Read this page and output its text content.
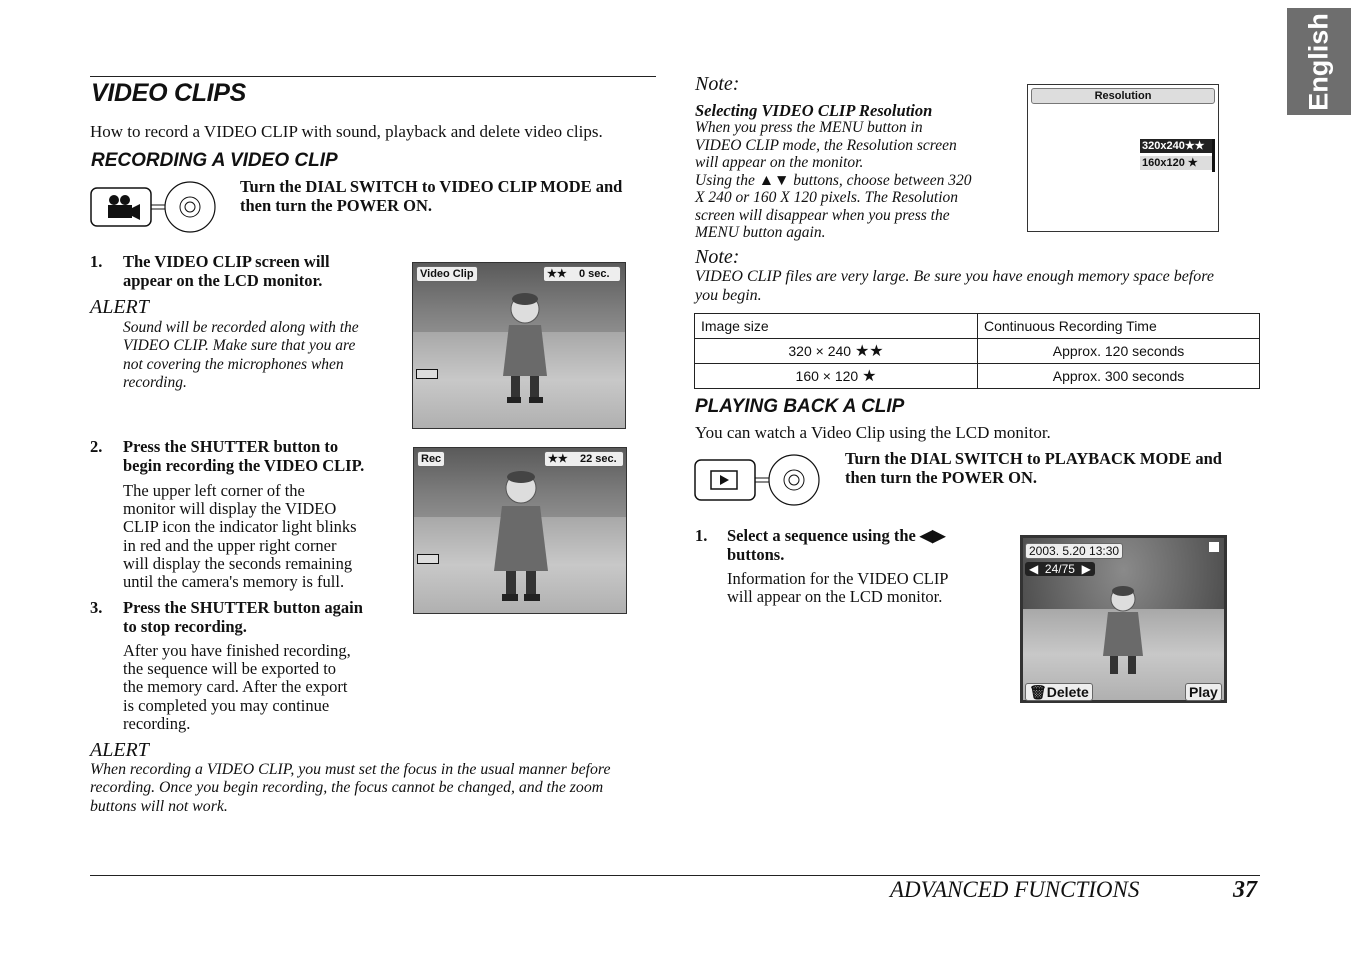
English
VIDEO CLIPS
How to record a VIDEO CLIP with sound, playback and delete video clips.
RECORDING A VIDEO CLIP
Turn the DIAL SWITCH to VIDEO CLIP MODE and
then turn the POWER ON.
1. The VIDEO CLIP screen will
appear on the LCD monitor.
ALERT
Sound will be recorded along with the
VIDEO CLIP. Make sure that you are
not covering the microphones when
recording.
Video Clip	★★ 0 sec.
2. Press the SHUTTER button to
begin recording the VIDEO CLIP.
The upper left corner of the
monitor will display the VIDEO
CLIP icon the indicator light blinks
in red and the upper right corner
will display the seconds remaining
until the camera's memory is full.
Rec	★★ 22 sec.
3. Press the SHUTTER button again
to stop recording.
After you have finished recording,
the sequence will be exported to
the memory card. After the export
is completed you may continue
recording.
ALERT
When recording a VIDEO CLIP, you must set the focus in the usual manner before
recording. Once you begin recording, the focus cannot be changed, and the zoom
buttons will not work.
Note:
Selecting VIDEO CLIP Resolution
When you press the MENU button in
VIDEO CLIP mode, the Resolution screen
will appear on the monitor.
Using the ▲▼ buttons, choose between 320
X 240 or 160 X 120 pixels. The Resolution
screen will disappear when you press the
MENU button again.
Resolution
320x240★★
160x120 ★
Note:
VIDEO CLIP files are very large. Be sure you have enough memory space before
you begin.
Image size	Continuous Recording Time
320 × 240 ★★	Approx. 120 seconds
160 × 120 ★	Approx. 300 seconds
PLAYING BACK A CLIP
You can watch a Video Clip using the LCD monitor.
Turn the DIAL SWITCH to PLAYBACK MODE and
then turn the POWER ON.
1. Select a sequence using the ◀▶
buttons.
Information for the VIDEO CLIP
will appear on the LCD monitor.
2003. 5.20 13:30
◀ 24/75 ▶
🗑Delete	Play
ADVANCED FUNCTIONS	37
